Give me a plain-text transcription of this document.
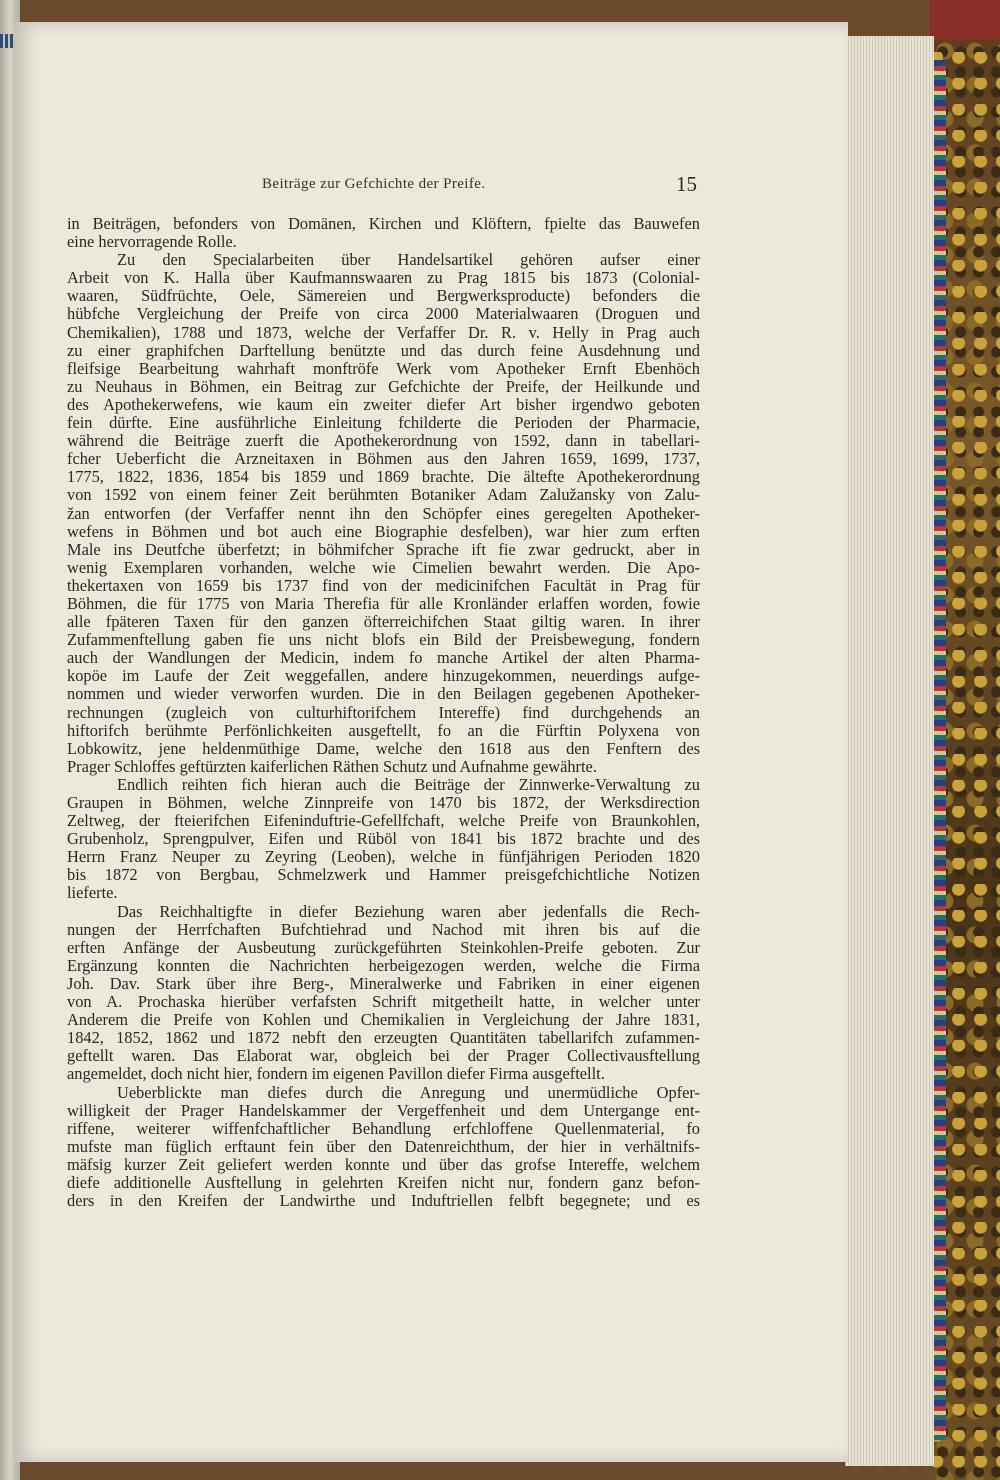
Beiträge zur Gefchichte der Preife.	15
in Beiträgen, befonders von Domänen, Kirchen und Klöftern, fpielte das Bauwefen
eine hervorragende Rolle.
Zu den Specialarbeiten über Handelsartikel gehören aufser einer
Arbeit von K. Halla über Kaufmannswaaren zu Prag 1815 bis 1873 (Colonial-
waaren, Südfrüchte, Oele, Sämereien und Bergwerksproducte) befonders die
hübfche Vergleichung der Preife von circa 2000 Materialwaaren (Droguen und
Chemikalien), 1788 und 1873, welche der Verfaffer Dr. R. v. Helly in Prag auch
zu einer graphifchen Darftellung benützte und das durch feine Ausdehnung und
fleifsige Bearbeitung wahrhaft monftröfe Werk vom Apotheker Ernft Ebenhöch
zu Neuhaus in Böhmen, ein Beitrag zur Gefchichte der Preife, der Heilkunde und
des Apothekerwefens, wie kaum ein zweiter diefer Art bisher irgendwo geboten
fein dürfte. Eine ausführliche Einleitung fchilderte die Perioden der Pharmacie,
während die Beiträge zuerft die Apothekerordnung von 1592, dann in tabellari-
fcher Ueberficht die Arzneitaxen in Böhmen aus den Jahren 1659, 1699, 1737,
1775, 1822, 1836, 1854 bis 1859 und 1869 brachte. Die ältefte Apothekerordnung
von 1592 von einem feiner Zeit berühmten Botaniker Adam Zalužansky von Zalu-
žan entworfen (der Verfaffer nennt ihn den Schöpfer eines geregelten Apotheker-
wefens in Böhmen und bot auch eine Biographie desfelben), war hier zum erften
Male ins Deutfche überfetzt; in böhmifcher Sprache ift fie zwar gedruckt, aber in
wenig Exemplaren vorhanden, welche wie Cimelien bewahrt werden. Die Apo-
thekertaxen von 1659 bis 1737 find von der medicinifchen Facultät in Prag für
Böhmen, die für 1775 von Maria Therefia für alle Kronländer erlaffen worden, fowie
alle fpäteren Taxen für den ganzen öfterreichifchen Staat giltig waren. In ihrer
Zufammenftellung gaben fie uns nicht blofs ein Bild der Preisbewegung, fondern
auch der Wandlungen der Medicin, indem fo manche Artikel der alten Pharma-
kopöe im Laufe der Zeit weggefallen, andere hinzugekommen, neuerdings aufge-
nommen und wieder verworfen wurden. Die in den Beilagen gegebenen Apotheker-
rechnungen (zugleich von culturhiftorifchem Intereffe) find durchgehends an
hiftorifch berühmte Perfönlichkeiten ausgeftellt, fo an die Fürftin Polyxena von
Lobkowitz, jene heldenmüthige Dame, welche den 1618 aus den Fenftern des
Prager Schloffes geftürzten kaiferlichen Räthen Schutz und Aufnahme gewährte.
Endlich reihten fich hieran auch die Beiträge der Zinnwerke-Verwaltung zu
Graupen in Böhmen, welche Zinnpreife von 1470 bis 1872, der Werksdirection
Zeltweg, der fteierifchen Eifeninduftrie-Gefellfchaft, welche Preife von Braunkohlen,
Grubenholz, Sprengpulver, Eifen und Rüböl von 1841 bis 1872 brachte und des
Herrn Franz Neuper zu Zeyring (Leoben), welche in fünfjährigen Perioden 1820
bis 1872 von Bergbau, Schmelzwerk und Hammer preisgefchichtliche Notizen
lieferte.
Das Reichhaltigfte in diefer Beziehung waren aber jedenfalls die Rech-
nungen der Herrfchaften Bufchtiehrad und Nachod mit ihren bis auf die
erften Anfänge der Ausbeutung zurückgeführten Steinkohlen-Preife geboten. Zur
Ergänzung konnten die Nachrichten herbeigezogen werden, welche die Firma
Joh. Dav. Stark über ihre Berg-, Mineralwerke und Fabriken in einer eigenen
von A. Prochaska hierüber verfafsten Schrift mitgetheilt hatte, in welcher unter
Anderem die Preife von Kohlen und Chemikalien in Vergleichung der Jahre 1831,
1842, 1852, 1862 und 1872 nebft den erzeugten Quantitäten tabellarifch zufammen-
geftellt waren. Das Elaborat war, obgleich bei der Prager Collectivausftellung
angemeldet, doch nicht hier, fondern im eigenen Pavillon diefer Firma ausgeftellt.
Ueberblickte man diefes durch die Anregung und unermüdliche Opfer-
willigkeit der Prager Handelskammer der Vergeffenheit und dem Untergange ent-
riffene, weiterer wiffenfchaftlicher Behandlung erfchloffene Quellenmaterial, fo
mufste man füglich erftaunt fein über den Datenreichthum, der hier in verhältnifs-
mäfsig kurzer Zeit geliefert werden konnte und über das grofse Intereffe, welchem
diefe additionelle Ausftellung in gelehrten Kreifen nicht nur, fondern ganz befon-
ders in den Kreifen der Landwirthe und Induftriellen felbft begegnete; und es
